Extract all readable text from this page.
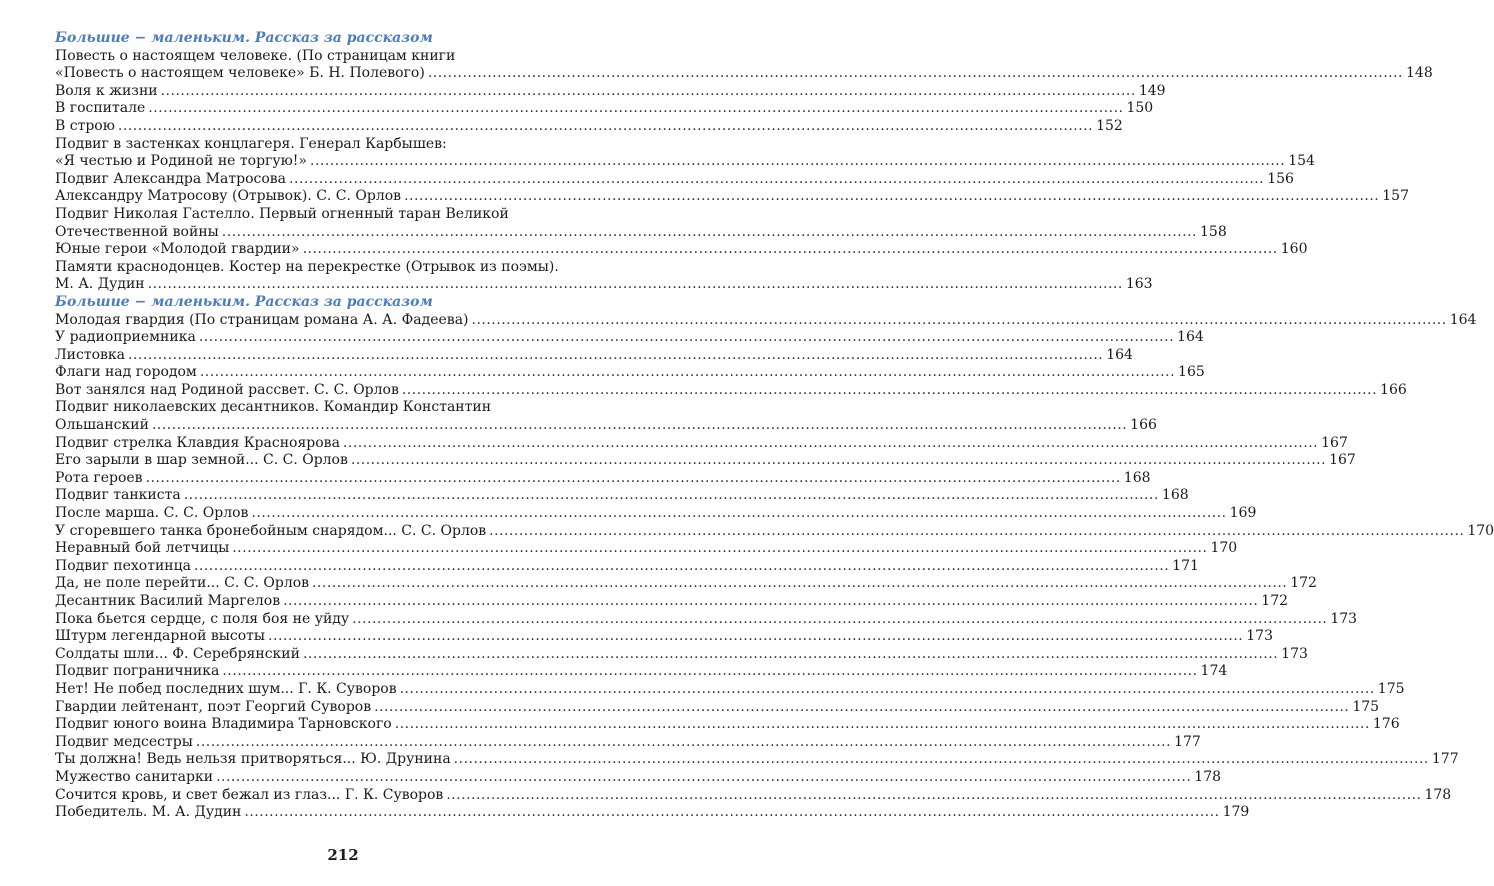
Большие − маленьким. Рассказ за рассказом
Повесть о настоящем человеке. (По страницам книги
«Повесть о настоящем человеке» Б. Н. Полевого) .....	148
Воля к жизни .....	149
В госпитале .....	150
В строю .....	152
Подвиг в застенках концлагеря. Генерал Карбышев:
«Я честью и Родиной не торгую!» .....	154
Подвиг Александра Матросова .....	156
Александру Матросову (Отрывок). С. С. Орлов .....	157
Подвиг Николая Гастелло. Первый огненный таран Великой
Отечественной войны .....	158
Юные герои «Молодой гвардии» .....	160
Памяти краснодонцев. Костер на перекрестке (Отрывок из поэмы).
М. А. Дудин .....	163
Большие − маленьким. Рассказ за рассказом
Молодая гвардия (По страницам романа А. А. Фадеева) .....	164
У радиоприемника .....	164
Листовка .....	164
Флаги над городом .....	165
Вот занялся над Родиной рассвет. С. С. Орлов .....	166
Подвиг николаевских десантников. Командир Константин
Ольшанский .....	166
Подвиг стрелка Клавдия Красноярова .....	167
Его зарыли в шар земной... С. С. Орлов .....	167
Рота героев .....	168
Подвиг танкиста .....	168
После марша. С. С. Орлов .....	169
У сгоревшего танка бронебойным снарядом... С. С. Орлов .....	170
Неравный бой летчицы .....	170
Подвиг пехотинца .....	171
Да, не поле перейти... С. С. Орлов .....	172
Десантник Василий Маргелов .....	172
Пока бьется сердце, с поля боя не уйду .....	173
Штурм легендарной высоты .....	173
Солдаты шли... Ф. Серебрянский .....	173
Подвиг пограничника .....	174
Нет! Не побед последних шум... Г. К. Суворов .....	175
Гвардии лейтенант, поэт Георгий Суворов .....	175
Подвиг юного воина Владимира Тарновского .....	176
Подвиг медсестры .....	177
Ты должна! Ведь нельзя притворяться... Ю. Друнина .....	177
Мужество санитарки .....	178
Сочится кровь, и свет бежал из глаз... Г. К. Суворов .....	178
Победитель. М. А. Дудин .....	179
212
